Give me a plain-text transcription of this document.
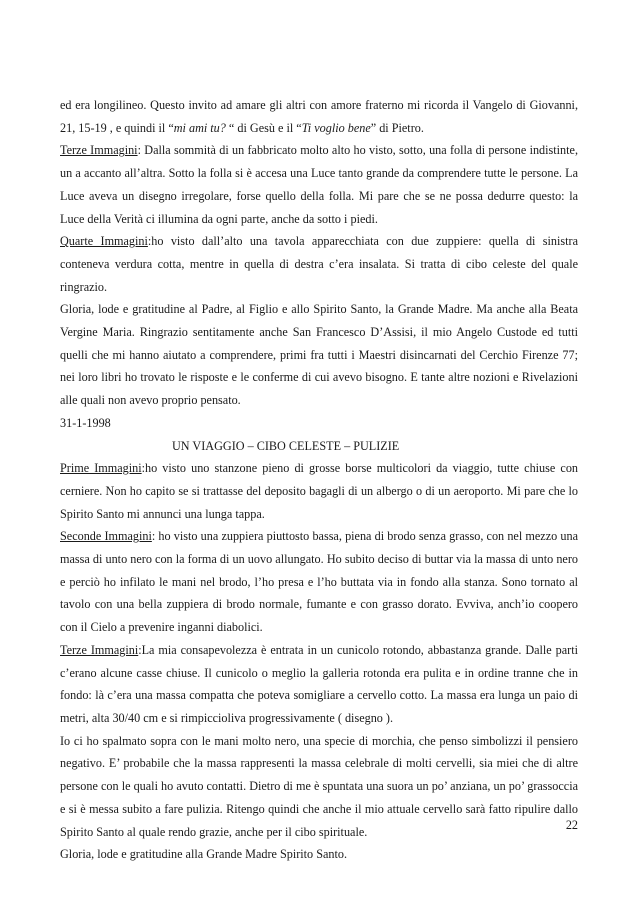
ed era longilineo. Questo invito ad amare gli altri con amore fraterno mi ricorda il Vangelo di Giovanni, 21, 15-19 , e quindi il “mi ami tu? “ di Gesù e il “Ti voglio bene” di Pietro.

Terze Immagini: Dalla sommità di un fabbricato molto alto ho visto, sotto, una folla di persone indistinte, un a accanto all’altra. Sotto la folla si è accesa una Luce tanto grande da comprendere tutte le persone. La Luce aveva un disegno irregolare, forse quello della folla. Mi pare che se ne possa dedurre questo: la Luce della Verità ci illumina da ogni parte, anche da sotto i piedi.

Quarte Immagini:ho visto dall’alto una tavola apparecchiata con due zuppiere: quella di sinistra conteneva verdura cotta, mentre in quella di destra c’era insalata. Si tratta di cibo celeste del quale ringrazio.

Gloria, lode e gratitudine al Padre, al Figlio e allo Spirito Santo, la Grande Madre. Ma anche alla Beata Vergine Maria. Ringrazio sentitamente anche San Francesco D’Assisi, il mio Angelo Custode ed tutti quelli che mi hanno aiutato a comprendere, primi fra tutti i Maestri disincarnati del Cerchio Firenze 77; nei loro libri ho trovato le risposte e le conferme di cui avevo bisogno. E tante altre nozioni e Rivelazioni alle quali non avevo proprio pensato.

31-1-1998

UN VIAGGIO – CIBO CELESTE – PULIZIE

Prime Immagini:ho visto uno stanzone pieno di grosse borse multicolori da viaggio, tutte chiuse con cerniere. Non ho capito se si trattasse del deposito bagagli di un albergo o di un aeroporto. Mi pare che lo Spirito Santo mi annunci una lunga tappa.

Seconde Immagini: ho visto una zuppiera piuttosto bassa, piena di brodo senza grasso, con nel mezzo una massa di unto nero con la forma di un uovo allungato. Ho subito deciso di buttar via la massa di unto nero e perciò ho infilato le mani nel brodo, l’ho presa e l’ho buttata via in fondo alla stanza. Sono tornato al tavolo con una bella zuppiera di brodo normale, fumante e con grasso dorato. Evviva, anch’io coopero con il Cielo a prevenire inganni diabolici.

Terze Immagini:La mia consapevolezza è entrata in un cunicolo rotondo, abbastanza grande. Dalle parti c’erano alcune casse chiuse. Il cunicolo o meglio la galleria rotonda era pulita e in ordine tranne che in fondo: là c’era una massa compatta che poteva somigliare a cervello cotto. La massa era lunga un paio di metri, alta 30/40 cm e si rimpiccioliva progressivamente ( disegno ).

Io ci ho spalmato sopra con le mani molto nero, una specie di morchia, che penso simbolizzi il pensiero negativo. E’ probabile che la massa rappresenti la massa celebrale di molti cervelli, sia miei che di altre persone con le quali ho avuto contatti. Dietro di me è spuntata una suora un po’ anziana, un po’ grassoccia e si è messa subito a fare pulizia. Ritengo quindi che anche il mio attuale cervello sarà fatto ripulire dallo Spirito Santo al quale rendo grazie, anche per il cibo spirituale.

Gloria, lode e gratitudine alla Grande Madre Spirito Santo.

22
